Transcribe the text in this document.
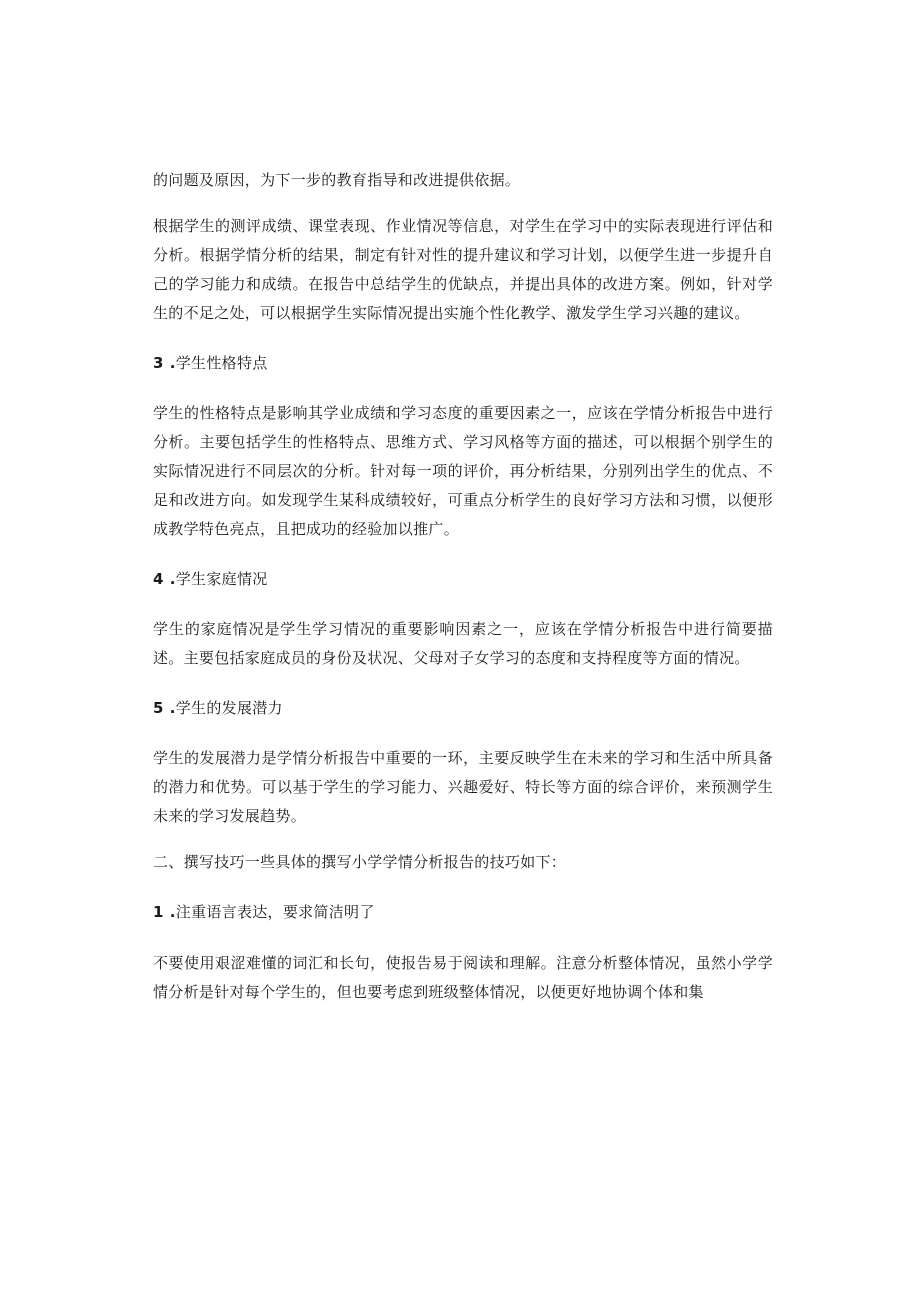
的问题及原因，为下一步的教育指导和改进提供依据。

根据学生的测评成绩、课堂表现、作业情况等信息，对学生在学习中的实际表现进行评估和分析。根据学情分析的结果，制定有针对性的提升建议和学习计划，以便学生进一步提升自己的学习能力和成绩。在报告中总结学生的优缺点，并提出具体的改进方案。例如，针对学生的不足之处，可以根据学生实际情况提出实施个性化教学、激发学生学习兴趣的建议。

3 .学生性格特点

学生的性格特点是影响其学业成绩和学习态度的重要因素之一，应该在学情分析报告中进行分析。主要包括学生的性格特点、思维方式、学习风格等方面的描述，可以根据个别学生的实际情况进行不同层次的分析。针对每一项的评价，再分析结果，分别列出学生的优点、不足和改进方向。如发现学生某科成绩较好，可重点分析学生的良好学习方法和习惯，以便形成教学特色亮点，且把成功的经验加以推广。

4 .学生家庭情况

学生的家庭情况是学生学习情况的重要影响因素之一，应该在学情分析报告中进行简要描述。主要包括家庭成员的身份及状况、父母对子女学习的态度和支持程度等方面的情况。

5 .学生的发展潜力

学生的发展潜力是学情分析报告中重要的一环，主要反映学生在未来的学习和生活中所具备的潜力和优势。可以基于学生的学习能力、兴趣爱好、特长等方面的综合评价，来预测学生未来的学习发展趋势。

二、撰写技巧一些具体的撰写小学学情分析报告的技巧如下：

1 .注重语言表达，要求简洁明了

不要使用艰涩难懂的词汇和长句，使报告易于阅读和理解。注意分析整体情况，虽然小学学情分析是针对每个学生的，但也要考虑到班级整体情况，以便更好地协调个体和集
